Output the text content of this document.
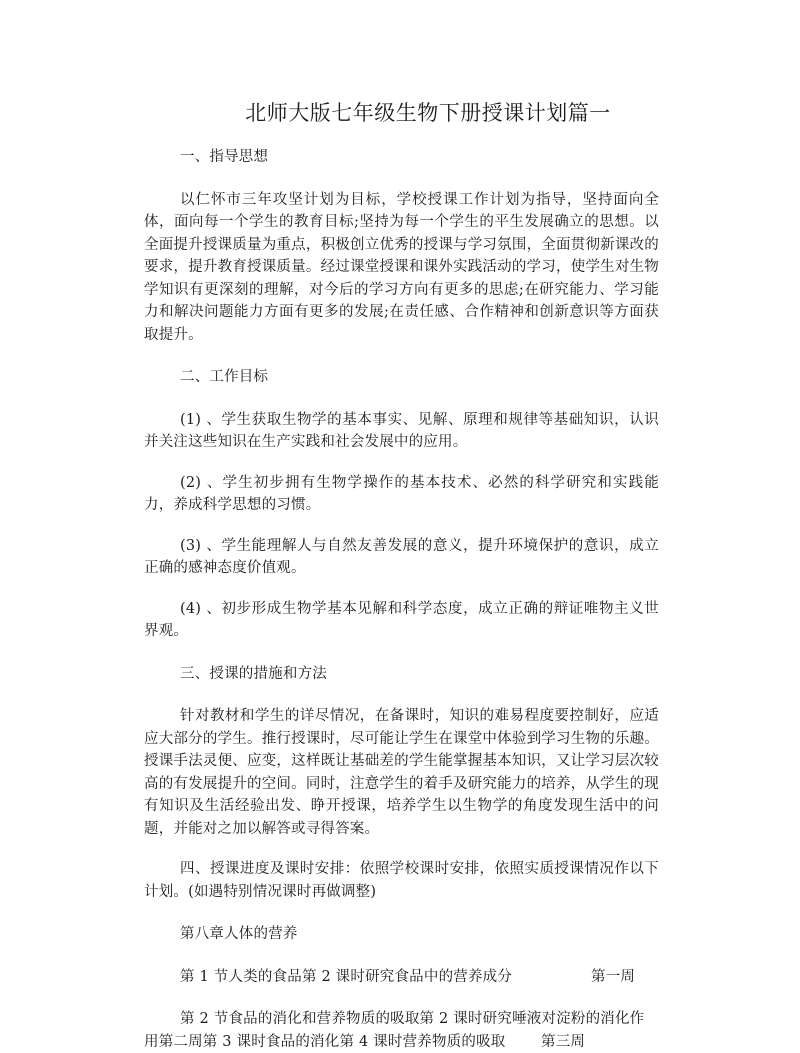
北师大版七年级生物下册授课计划篇一

一、指导思想

以仁怀市三年攻坚计划为目标，学校授课工作计划为指导，坚持面向全体，面向每一个学生的教育目标;坚持为每一个学生的平生发展确立的思想。以全面提升授课质量为重点，积极创立优秀的授课与学习氛围，全面贯彻新课改的要求，提升教育授课质量。经过课堂授课和课外实践活动的学习，使学生对生物学知识有更深刻的理解，对今后的学习方向有更多的思虑;在研究能力、学习能力和解决问题能力方面有更多的发展;在责任感、合作精神和创新意识等方面获取提升。

二、工作目标

(1) 、学生获取生物学的基本事实、见解、原理和规律等基础知识，认识并关注这些知识在生产实践和社会发展中的应用。

(2) 、学生初步拥有生物学操作的基本技术、必然的科学研究和实践能力，养成科学思想的习惯。

(3) 、学生能理解人与自然友善发展的意义，提升环境保护的意识，成立正确的感神态度价值观。

(4) 、初步形成生物学基本见解和科学态度，成立正确的辩证唯物主义世界观。

三、授课的措施和方法

针对教材和学生的详尽情况，在备课时，知识的难易程度要控制好，应适应大部分的学生。推行授课时，尽可能让学生在课堂中体验到学习生物的乐趣。授课手法灵便、应变，这样既让基础差的学生能掌握基本知识，又让学习层次较高的有发展提升的空间。同时，注意学生的着手及研究能力的培养，从学生的现有知识及生活经验出发、睁开授课，培养学生以生物学的角度发现生活中的问题，并能对之加以解答或寻得答案。

四、授课进度及课时安排：依照学校课时安排，依照实质授课情况作以下计划。(如遇特别情况课时再做调整)

第八章人体的营养

第 1 节人类的食品第 2 课时研究食品中的营养成分	第一周

第 2 节食品的消化和营养物质的吸取第 2 课时研究唾液对淀粉的消化作

用第二周第 3 课时食品的消化第 4 课时营养物质的吸取 第三周
